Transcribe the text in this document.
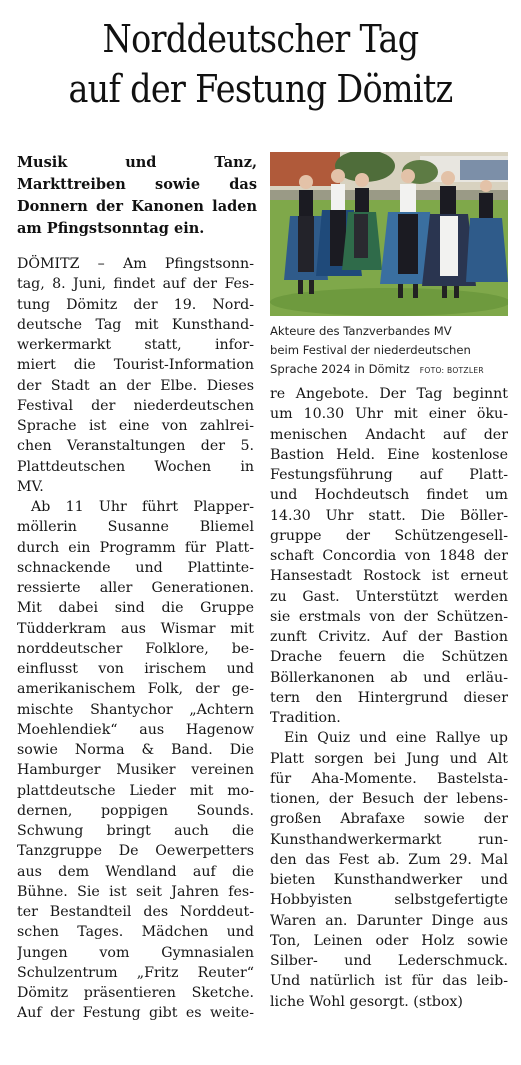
Norddeutscher Tag
auf der Festung Dömitz
Musik und Tanz, Markttreiben sowie das Donnern der Kanonen laden am Pfingstsonntag ein.
Akteure des Tanzverbandes MV
beim Festival der niederdeutschen
Sprache 2024 in Dömitz FOTO: BOTZLER
DÖMITZ – Am Pfingstsonn-
tag, 8. Juni, findet auf der Fes-
tung Dömitz der 19. Nord-
deutsche Tag mit Kunsthand-
werkermarkt statt, infor-
miert die Tourist-Information
der Stadt an der Elbe. Dieses
Festival der niederdeutschen
Sprache ist eine von zahlrei-
chen Veranstaltungen der 5.
Plattdeutschen Wochen in
MV.
Ab 11 Uhr führt Plapper-
möllerin Susanne Bliemel
durch ein Programm für Platt-
schnackende und Plattinte-
ressierte aller Generationen.
Mit dabei sind die Gruppe
Tüdderkram aus Wismar mit
norddeutscher Folklore, be-
einflusst von irischem und
amerikanischem Folk, der ge-
mischte Shantychor „Achtern
Moehlendiek“ aus Hagenow
sowie Norma & Band. Die
Hamburger Musiker vereinen
plattdeutsche Lieder mit mo-
dernen, poppigen Sounds.
Schwung bringt auch die
Tanzgruppe De Oewerpetters
aus dem Wendland auf die
Bühne. Sie ist seit Jahren fes-
ter Bestandteil des Norddeut-
schen Tages. Mädchen und
Jungen vom Gymnasialen
Schulzentrum „Fritz Reuter“
Dömitz präsentieren Sketche.
Auf der Festung gibt es weite-
re Angebote. Der Tag beginnt
um 10.30 Uhr mit einer öku-
menischen Andacht auf der
Bastion Held. Eine kostenlose
Festungsführung auf Platt-
und Hochdeutsch findet um
14.30 Uhr statt. Die Böller-
gruppe der Schützengesell-
schaft Concordia von 1848 der
Hansestadt Rostock ist erneut
zu Gast. Unterstützt werden
sie erstmals von der Schützen-
zunft Crivitz. Auf der Bastion
Drache feuern die Schützen
Böllerkanonen ab und erläu-
tern den Hintergrund dieser
Tradition.
Ein Quiz und eine Rallye up
Platt sorgen bei Jung und Alt
für Aha-Momente. Bastelsta-
tionen, der Besuch der lebens-
großen Abrafaxe sowie der
Kunsthandwerkermarkt run-
den das Fest ab. Zum 29. Mal
bieten Kunsthandwerker und
Hobbyisten selbstgefertigte
Waren an. Darunter Dinge aus
Ton, Leinen oder Holz sowie
Silber- und Lederschmuck.
Und natürlich ist für das leib-
liche Wohl gesorgt. (stbox)
